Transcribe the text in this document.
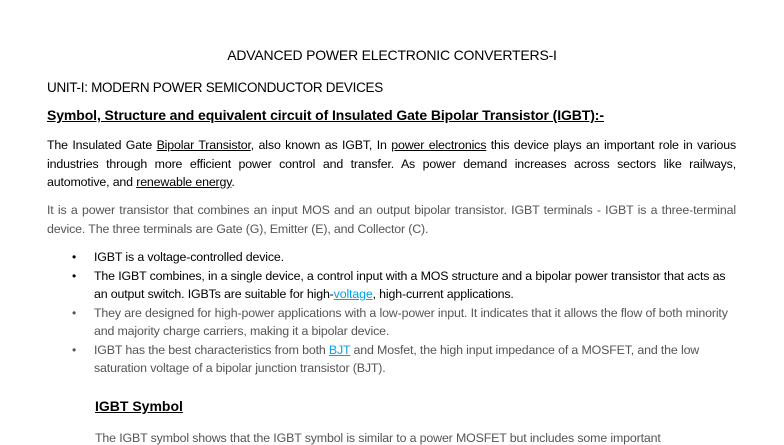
ADVANCED POWER ELECTRONIC CONVERTERS-I
UNIT-I: MODERN POWER SEMICONDUCTOR DEVICES
Symbol, Structure and equivalent circuit of Insulated Gate Bipolar Transistor (IGBT):-
The Insulated Gate Bipolar Transistor, also known as IGBT, In power electronics this device plays an important role in various industries through more efficient power control and transfer. As power demand increases across sectors like railways, automotive, and renewable energy.
It is a power transistor that combines an input MOS and an output bipolar transistor. IGBT terminals - IGBT is a three-terminal device. The three terminals are Gate (G), Emitter (E), and Collector (C).
• IGBT is a voltage-controlled device.
• The IGBT combines, in a single device, a control input with a MOS structure and a bipolar power transistor that acts as an output switch. IGBTs are suitable for high-voltage, high-current applications.
• They are designed for high-power applications with a low-power input. It indicates that it allows the flow of both minority and majority charge carriers, making it a bipolar device.
• IGBT has the best characteristics from both BJT and Mosfet, the high input impedance of a MOSFET, and the low saturation voltage of a bipolar junction transistor (BJT).
IGBT Symbol
The IGBT symbol shows that the IGBT symbol is similar to a power MOSFET but includes some important
